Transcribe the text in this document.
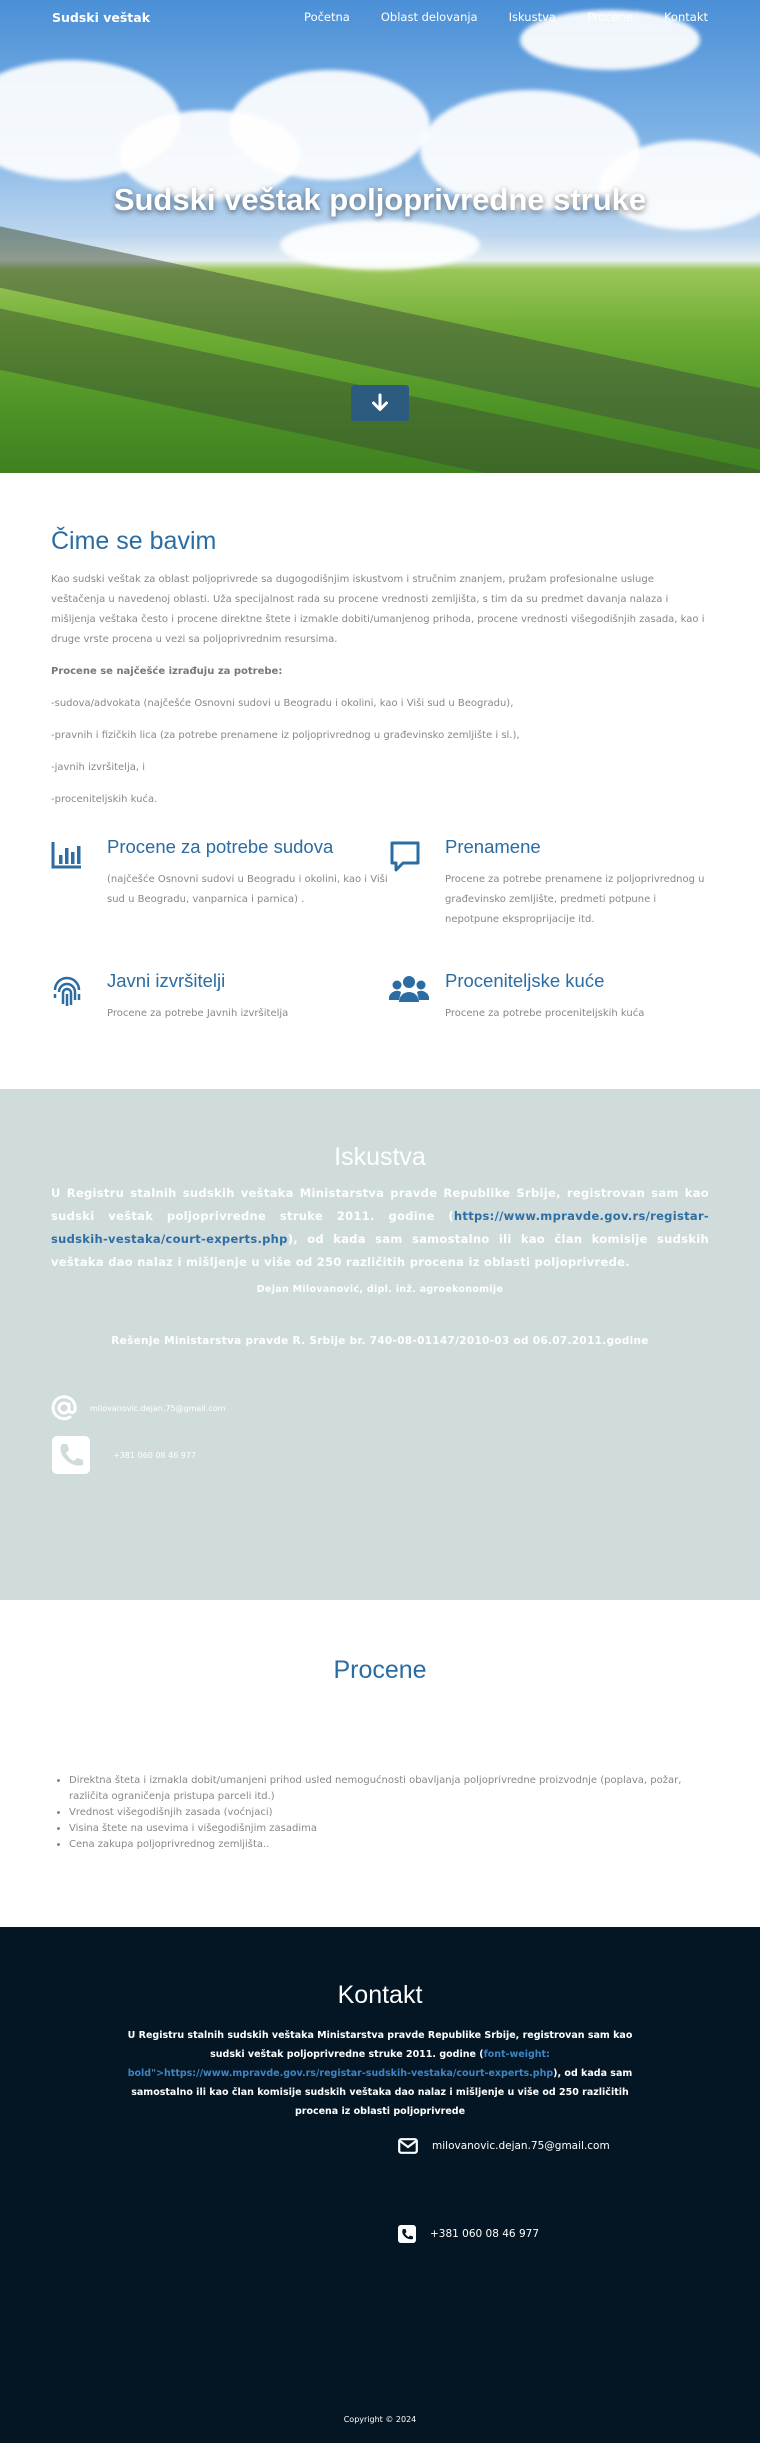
Sudski veštak	Početna	Oblast delovanja	Iskustva	Procene	Kontakt
Sudski veštak poljoprivredne struke
Čime se bavim

Kao sudski veštak za oblast poljoprivrede sa dugogodišnjim iskustvom i stručnim znanjem, pružam profesionalne usluge veštačenja u navedenoj oblasti. Uža specijalnost rada su procene vrednosti zemljišta, s tim da su predmet davanja nalaza i mišljenja veštaka često i procene direktne štete i izmakle dobiti/umanjenog prihoda, procene vrednosti višegodišnjih zasada, kao i druge vrste procena u vezi sa poljoprivrednim resursima.

Procene se najčešće izrađuju za potrebe:

-sudova/advokata (najčešće Osnovni sudovi u Beogradu i okolini, kao i Viši sud u Beogradu),

-pravnih i fizičkih lica (za potrebe prenamene iz poljoprivrednog u građevinsko zemljište i sl.),

-javnih izvršitelja, i

-procenitelјskih kuća.

Procene za potrebe sudova

(najčešće Osnovni sudovi u Beogradu i okolini, kao i Viši sud u Beogradu, vanparnica i parnica) .

Prenamene

Procene za potrebe prenamene iz poljoprivrednog u građevinsko zemljište, predmeti potpune i nepotpune eksproprijacije itd.

Javni izvršitelji

Procene za potrebe Javnih izvršitelja

Procenitelјske kuće

Procene za potrebe procenitelјskih kuća

Iskustva

U Registru stalnih sudskih veštaka Ministarstva pravde Republike Srbije, registrovan sam kao sudski veštak poljoprivredne struke 2011. godine (https://www.mpravde.gov.rs/registar-sudskih-vestaka/court-experts.php), od kada sam samostalno ili kao član komisije sudskih veštaka dao nalaz i mišljenje u više od 250 različitih procena iz oblasti poljoprivrede.

Dejan Milovanović, dipl. inž. agroekonomije

Rešenje Ministarstva pravde R. Srbije br. 740-08-01147/2010-03 od 06.07.2011.godine

milovanovic.dejan.75@gmail.com
+381 060 08 46 977
Procene
• Direktna šteta i izmakla dobit/umanjeni prihod usled nemogućnosti obavljanja poljoprivredne proizvodnje (poplava, požar, različita ograničenja pristupa parceli itd.)
• Vrednost višegodišnjih zasada (voćnjaci)
• Visina štete na usevima i višegodišnjim zasadima
• Cena zakupa poljoprivrednog zemljišta..
Kontakt

U Registru stalnih sudskih veštaka Ministarstva pravde Republike Srbije, registrovan sam kao sudski veštak poljoprivredne struke 2011. godine (font-weight: bold">https://www.mpravde.gov.rs/registar-sudskih-vestaka/court-experts.php), od kada sam samostalno ili kao član komisije sudskih veštaka dao nalaz i mišljenje u više od 250 različitih procena iz oblasti poljoprivrede

milovanovic.dejan.75@gmail.com
+381 060 08 46 977
Copyright © 2024
